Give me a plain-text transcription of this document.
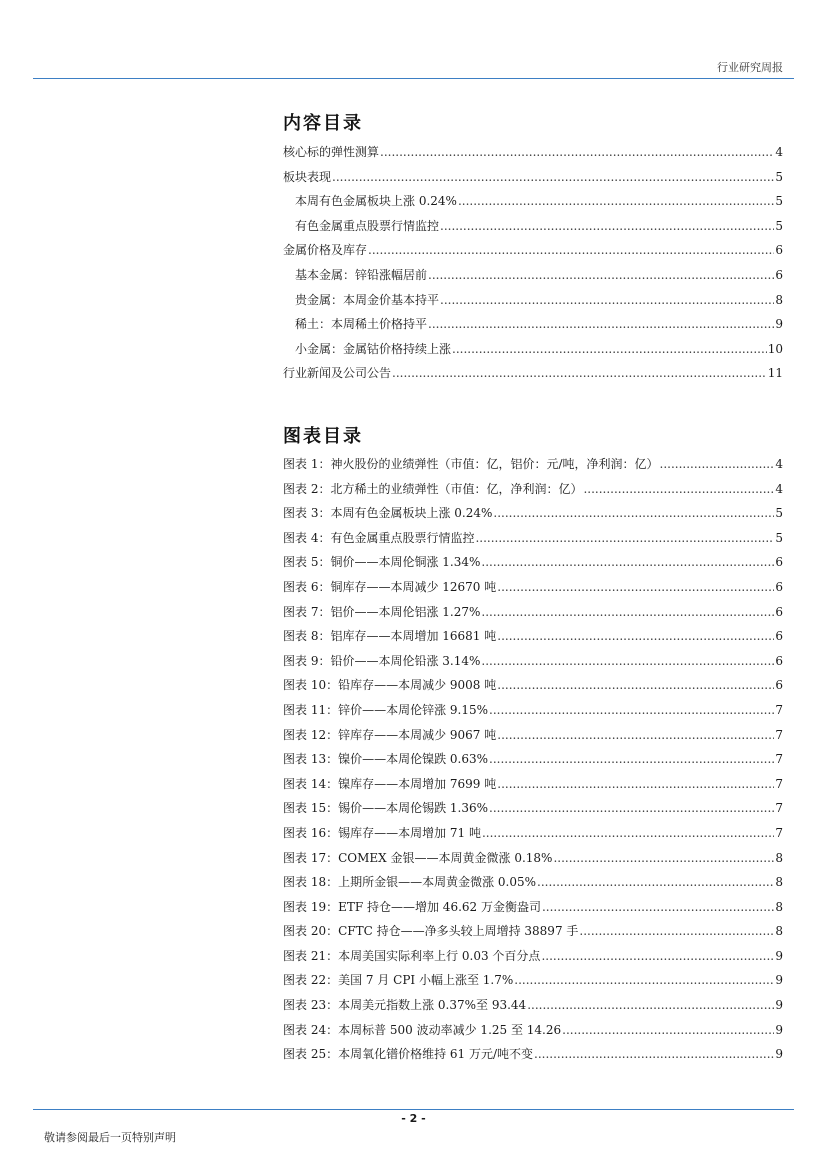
行业研究周报
内容目录
核心标的弹性测算 .....	4
板块表现 .....	5
本周有色金属板块上涨 0.24% .....	5
有色金属重点股票行情监控 .....	5
金属价格及库存 .....	6
基本金属：锌铅涨幅居前 .....	6
贵金属：本周金价基本持平 .....	8
稀土：本周稀土价格持平 .....	9
小金属：金属钴价格持续上涨 .....	10
行业新闻及公司公告 .....	11
图表目录
图表 1：神火股份的业绩弹性（市值：亿，铝价：元/吨，净利润：亿） .....	4
图表 2：北方稀土的业绩弹性（市值：亿，净利润：亿） .....	4
图表 3：本周有色金属板块上涨 0.24% .....	5
图表 4：有色金属重点股票行情监控 .....	5
图表 5：铜价——本周伦铜涨 1.34% .....	6
图表 6：铜库存——本周减少 12670 吨 .....	6
图表 7：铝价——本周伦铝涨 1.27% .....	6
图表 8：铝库存——本周增加 16681 吨 .....	6
图表 9：铅价——本周伦铅涨 3.14% .....	6
图表 10：铅库存——本周减少 9008 吨 .....	6
图表 11：锌价——本周伦锌涨 9.15% .....	7
图表 12：锌库存——本周减少 9067 吨 .....	7
图表 13：镍价——本周伦镍跌 0.63% .....	7
图表 14：镍库存——本周增加 7699 吨 .....	7
图表 15：锡价——本周伦锡跌 1.36% .....	7
图表 16：锡库存——本周增加 71 吨 .....	7
图表 17：COMEX 金银——本周黄金微涨 0.18% .....	8
图表 18：上期所金银——本周黄金微涨 0.05% .....	8
图表 19：ETF 持仓——增加 46.62 万金衡盎司 .....	8
图表 20：CFTC 持仓——净多头较上周增持 38897 手 .....	8
图表 21：本周美国实际利率上行 0.03 个百分点 .....	9
图表 22：美国 7 月 CPI 小幅上涨至 1.7% .....	9
图表 23：本周美元指数上涨 0.37%至 93.44 .....	9
图表 24：本周标普 500 波动率减少 1.25 至 14.26 .....	9
图表 25：本周氧化镨价格维持 61 万元/吨不变 .....	9
- 2 -
敬请参阅最后一页特别声明
